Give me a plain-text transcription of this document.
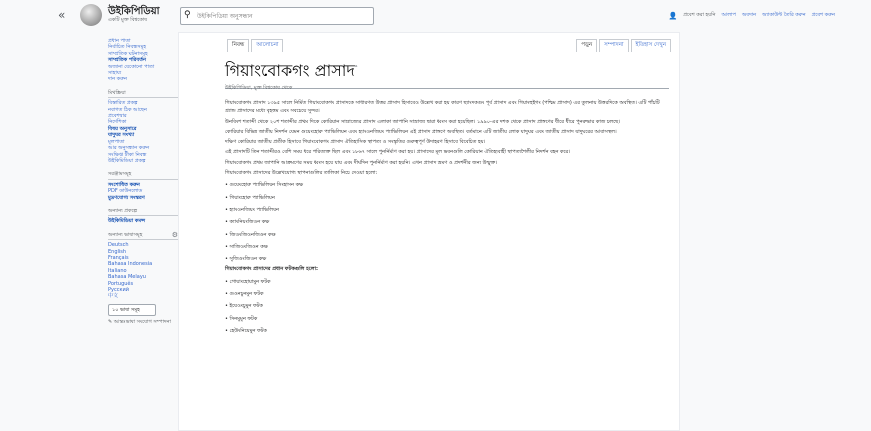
«	উইকিপিডিয়া
একটি মুক্ত বিশ্বকোষ	⚲
উইকিপিডিয়া অনুসন্ধান	👤 প্রবেশ করা হয়নি আলাপ অবদান অ্যাকাউন্ট তৈরি করুন প্রবেশ করুন
প্রধান পাতা
নির্বাচিত নিবন্ধসমূহ
সাম্প্রতিক ঘটনাসমূহ
সাম্প্রতিক পরিবর্তন
অজানা যেকোনো পাতা
সাহায্য
দান করুন
মিথস্ক্রিয়া
বিস্তারিত প্রকল্প
নবাগত ঠিক আছেন
প্রবেশদ্বার
নির্দেশিকা
বিষয় অনুসারে
যাদুঘর সংখ্যা
মূলপাতা
আর অনুসন্ধান করুন
সংক্ষিপ্ত টীকা নিবন্ধ
উইকিমিডিয়া প্রকল্প
সরঞ্জামসমূহ
সংশোধিত করুন
PDF ডাউনলোড
মুদ্রণযোগ্য সংস্করণ
অন্যান্য প্রকল্পে
উইকিমিডিয়া কমন্স
অন্যান্য ভাষাসমূহ	⚙
Deutsch
English
Français
Bahasa Indonesia
Italiano
Bahasa Melayu
Português
Русский
中文
১০ ভাষা সমূহ
✎ আন্তঃভাষা সংযোগ সম্পাদনা
নিবন্ধ	আলোচনা	পড়ুন	সম্পাদনা	ইতিহাস দেখুন
গিয়াংবোকগং প্রাসাদ$^ᵃ$
উইকিপিডিয়া, মুক্ত বিশ্বকোষ থেকে

গিয়াংবোকগং প্রাসাদ ১৩৯৫ সালে নির্মিত গিয়াংবোকগং প্রাসাদকে সাধারণত উত্তর প্রাসাদ হিসাবেও উল্লেখ করা হয় কারণ ছ্যাংদকগুং পূর্ব প্রাসাদ এবং গিয়াংহুইগং (পশ্চিম প্রাসাদ) এর তুলনায় উত্তরদিকে অবস্থিত। এটি পাঁচটি গ্র্যান্ড প্রাসাদের মধ্যে বৃহত্তম এবং সবচেয়ে সুন্দর।

উনবিংশ শতাব্দী থেকে ২০শ শতাব্দীর প্রথম দিকে কোরিয়ান সাম্রাজ্যের প্রাসাদ এলাকা জাপানি সাম্রাজ্য দ্বারা ধ্বংস করা হয়েছিল। ১৯৯০-এর দশক থেকে প্রাসাদ প্রাঙ্গণের ধীরে ধীরে পুনরুদ্ধার কাজ চলছে।

কোরিয়ার বিভিন্ন জাতীয় নিদর্শন যেমন গুয়েংহোরু প্যাভিলিয়ন এবং হ্যাংওনজিয়ং প্যাভিলিয়ন এই প্রাসাদ প্রাঙ্গণে অবস্থিত। বর্তমানে এটি জাতীয় লোক যাদুঘর এবং জাতীয় প্রাসাদ যাদুঘরের আবাসস্থল।

দক্ষিণ কোরিয়ার জাতীয় প্রতীক হিসাবে গিয়াংবোকগং প্রাসাদ ঐতিহাসিক স্থাপত্য ও সংস্কৃতির গুরুত্বপূর্ণ উদাহরণ হিসাবে বিবেচিত হয়।

এই প্রাসাদটি তিন শতাব্দীরও বেশি সময় ধরে পরিত্যক্ত ছিল এবং ১৮৬৭ সালে পুনর্নির্মাণ করা হয়। প্রাসাদের মূল ভবনগুলি কোরিয়ান ঐতিহ্যবাহী স্থাপত্যশৈলীর নিদর্শন বহন করে।

গিয়াংবোকগং প্রথম জাপানি আক্রমণের সময় ধ্বংস হয়ে যায় এবং দীর্ঘদিন পুনর্নির্মাণ করা হয়নি। এখন প্রাসাদ ভ্রমণ ও প্রদর্শনীর জন্য উন্মুক্ত।

গিয়াংবোকগং প্রাসাদের উল্লেখযোগ্য স্থাপনাগুলির তালিকা নিচে দেওয়া হলো:

• গুয়েংহোরু প্যাভিলিয়ন সিংহাসন কক্ষ
• গিয়াংহোরু প্যাভিলিয়ন
• হ্যাংওনজিয়ং প্যাভিলিয়ন
• ক্যাংনিয়ংজিওন কক্ষ
• জিওংজিওনজিওন কক্ষ
• সাজিওংজিওন কক্ষ
• সুজিওংজিওন কক্ষ

গিয়াংবোকগং প্রাসাদের প্রধান ফটকগুলি হলো:

• গোয়াংহোয়ামুন ফটক
• গুওনচুনমুন ফটক
• ইয়েওংচুমুন ফটক
• সিনমুমুন ফটক
• হেউংনিয়েমুন ফটক
